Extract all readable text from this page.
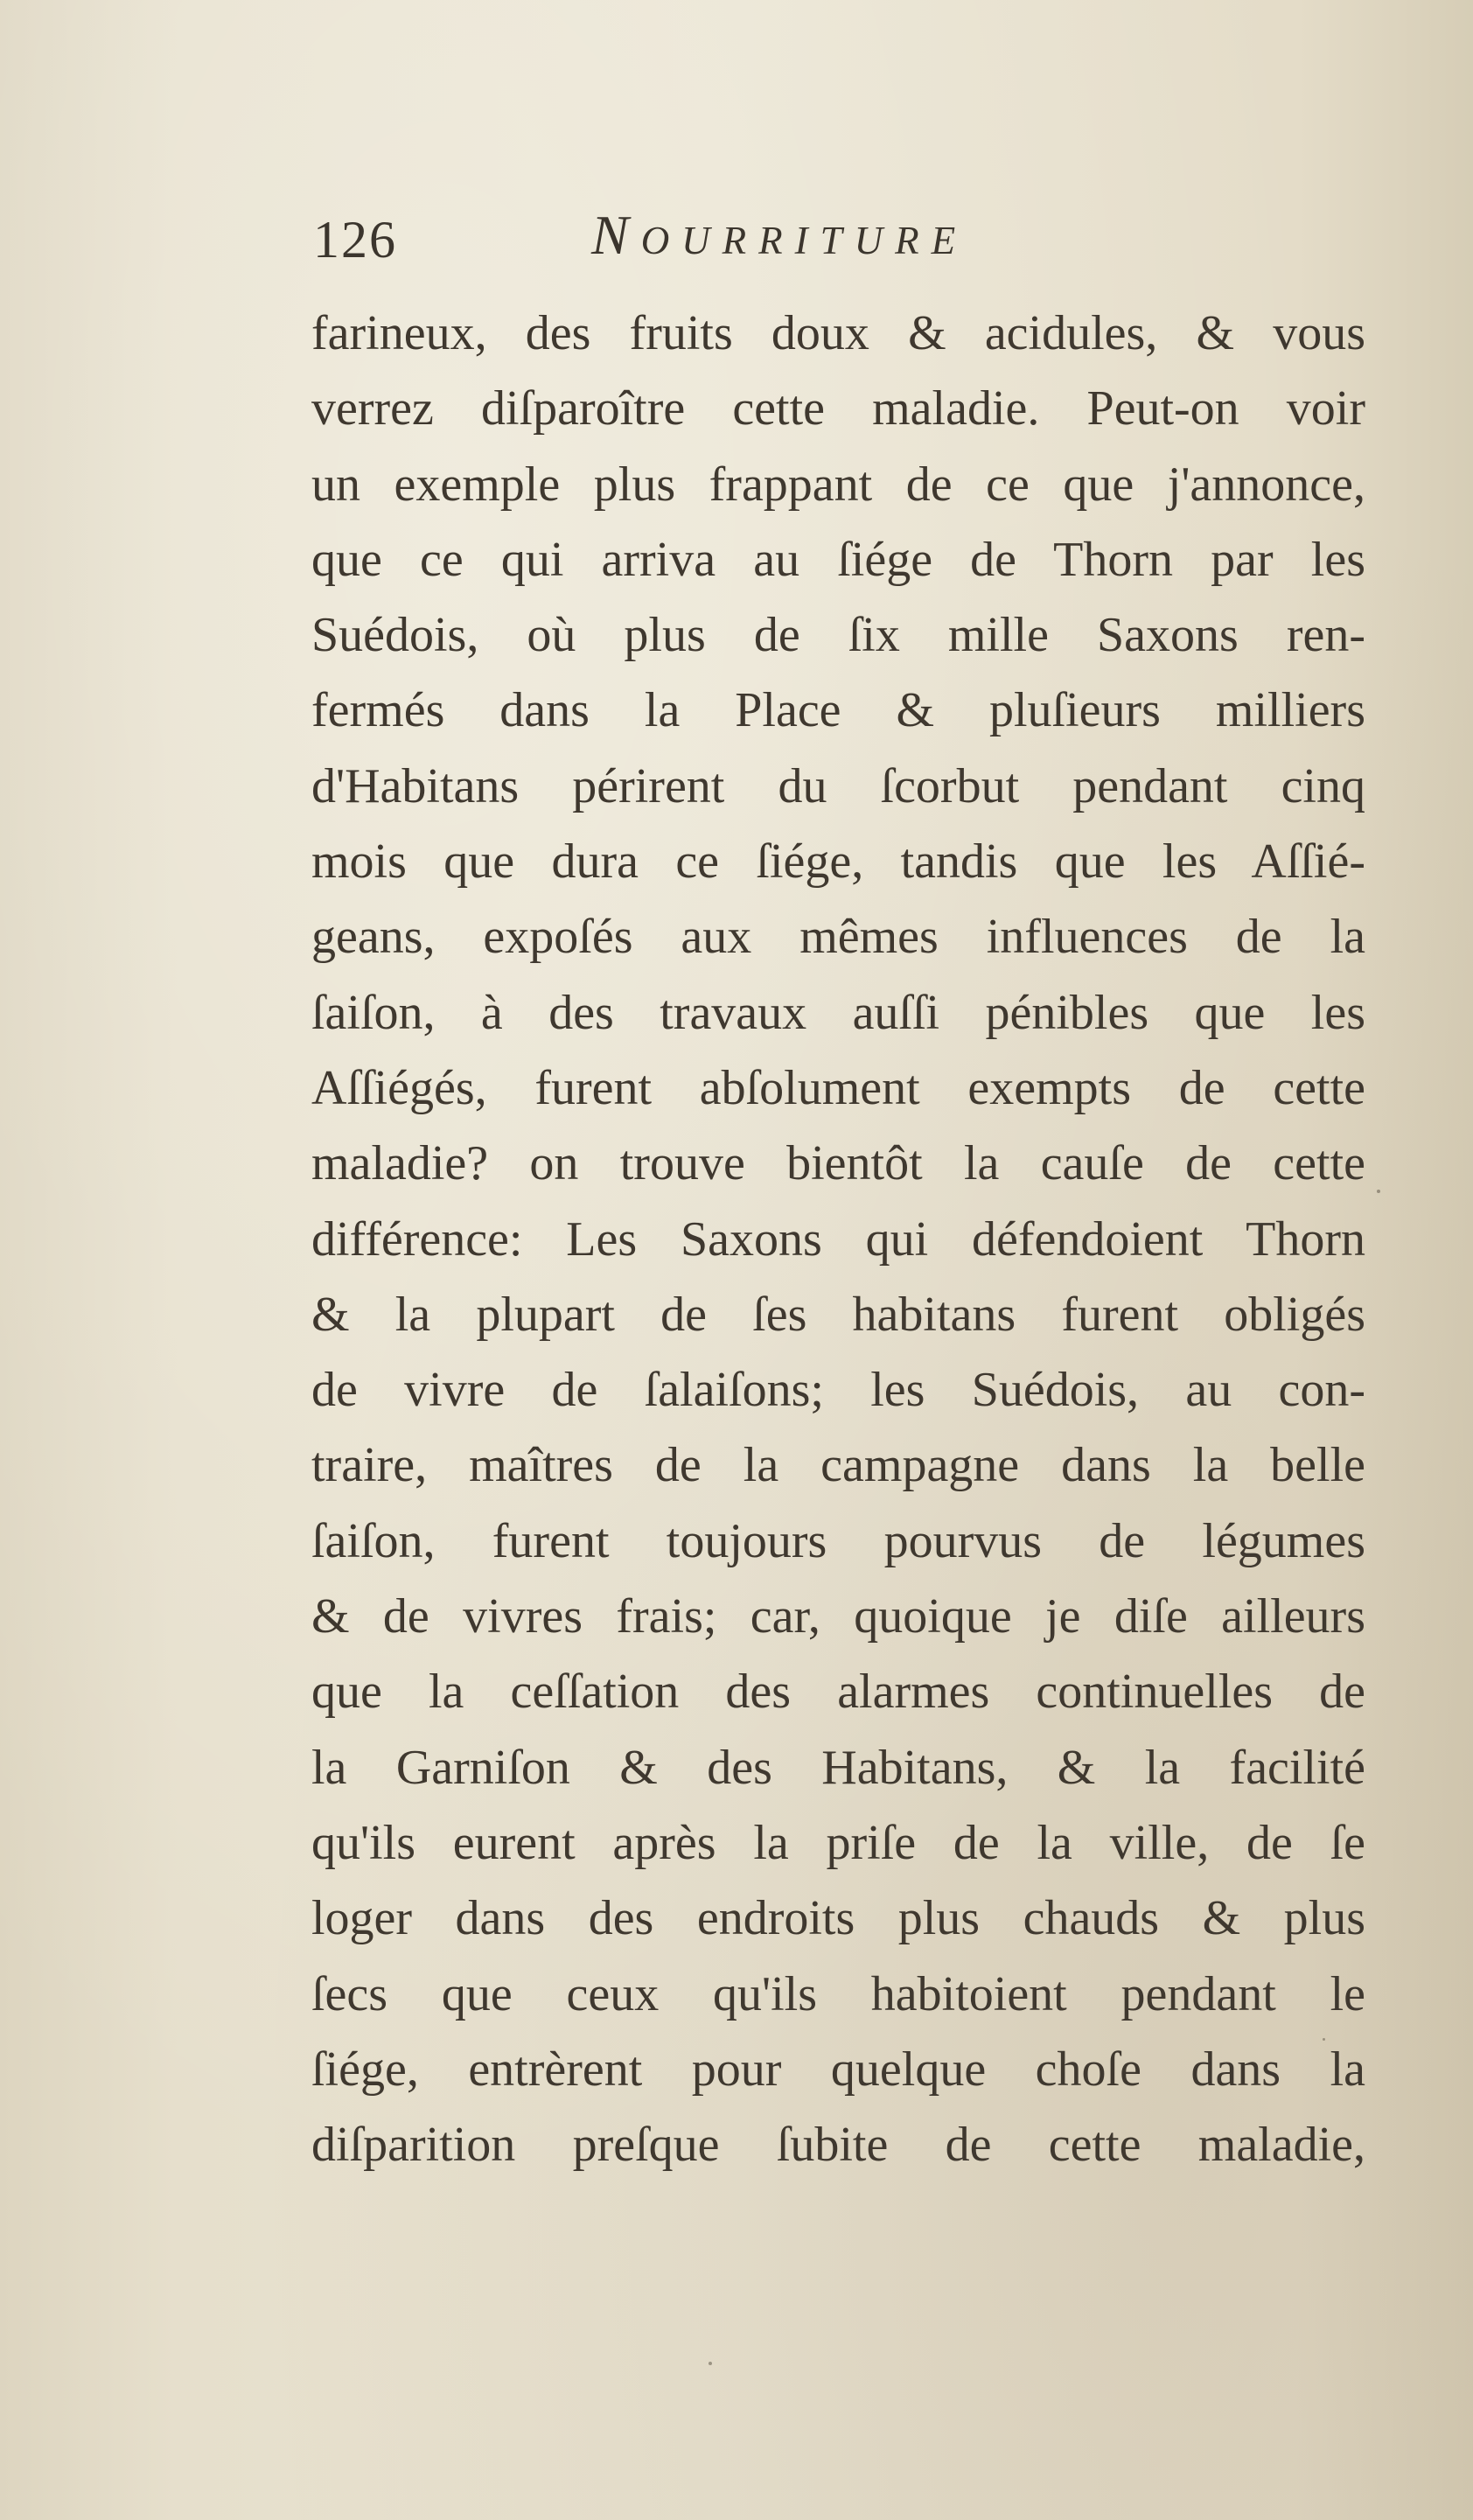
126	Nourriture
farineux, des fruits doux & acidules, & vous
verrez diſparoître cette maladie. Peut-on voir
un exemple plus frappant de ce que j'annonce,
que ce qui arriva au ſiége de Thorn par les
Suédois, où plus de ſix mille Saxons ren-
fermés dans la Place & pluſieurs milliers
d'Habitans périrent du ſcorbut pendant cinq
mois que dura ce ſiége, tandis que les Aſſié-
geans, expoſés aux mêmes influences de la
ſaiſon, à des travaux auſſi pénibles que les
Aſſiégés, furent abſolument exempts de cette
maladie? on trouve bientôt la cauſe de cette
différence: Les Saxons qui défendoient Thorn
& la plupart de ſes habitans furent obligés
de vivre de ſalaiſons; les Suédois, au con-
traire, maîtres de la campagne dans la belle
ſaiſon, furent toujours pourvus de légumes
& de vivres frais; car, quoique je diſe ailleurs
que la ceſſation des alarmes continuelles de
la Garniſon & des Habitans, & la facilité
qu'ils eurent après la priſe de la ville, de ſe
loger dans des endroits plus chauds & plus
ſecs que ceux qu'ils habitoient pendant le
ſiége, entrèrent pour quelque choſe dans la
diſparition preſque ſubite de cette maladie,
